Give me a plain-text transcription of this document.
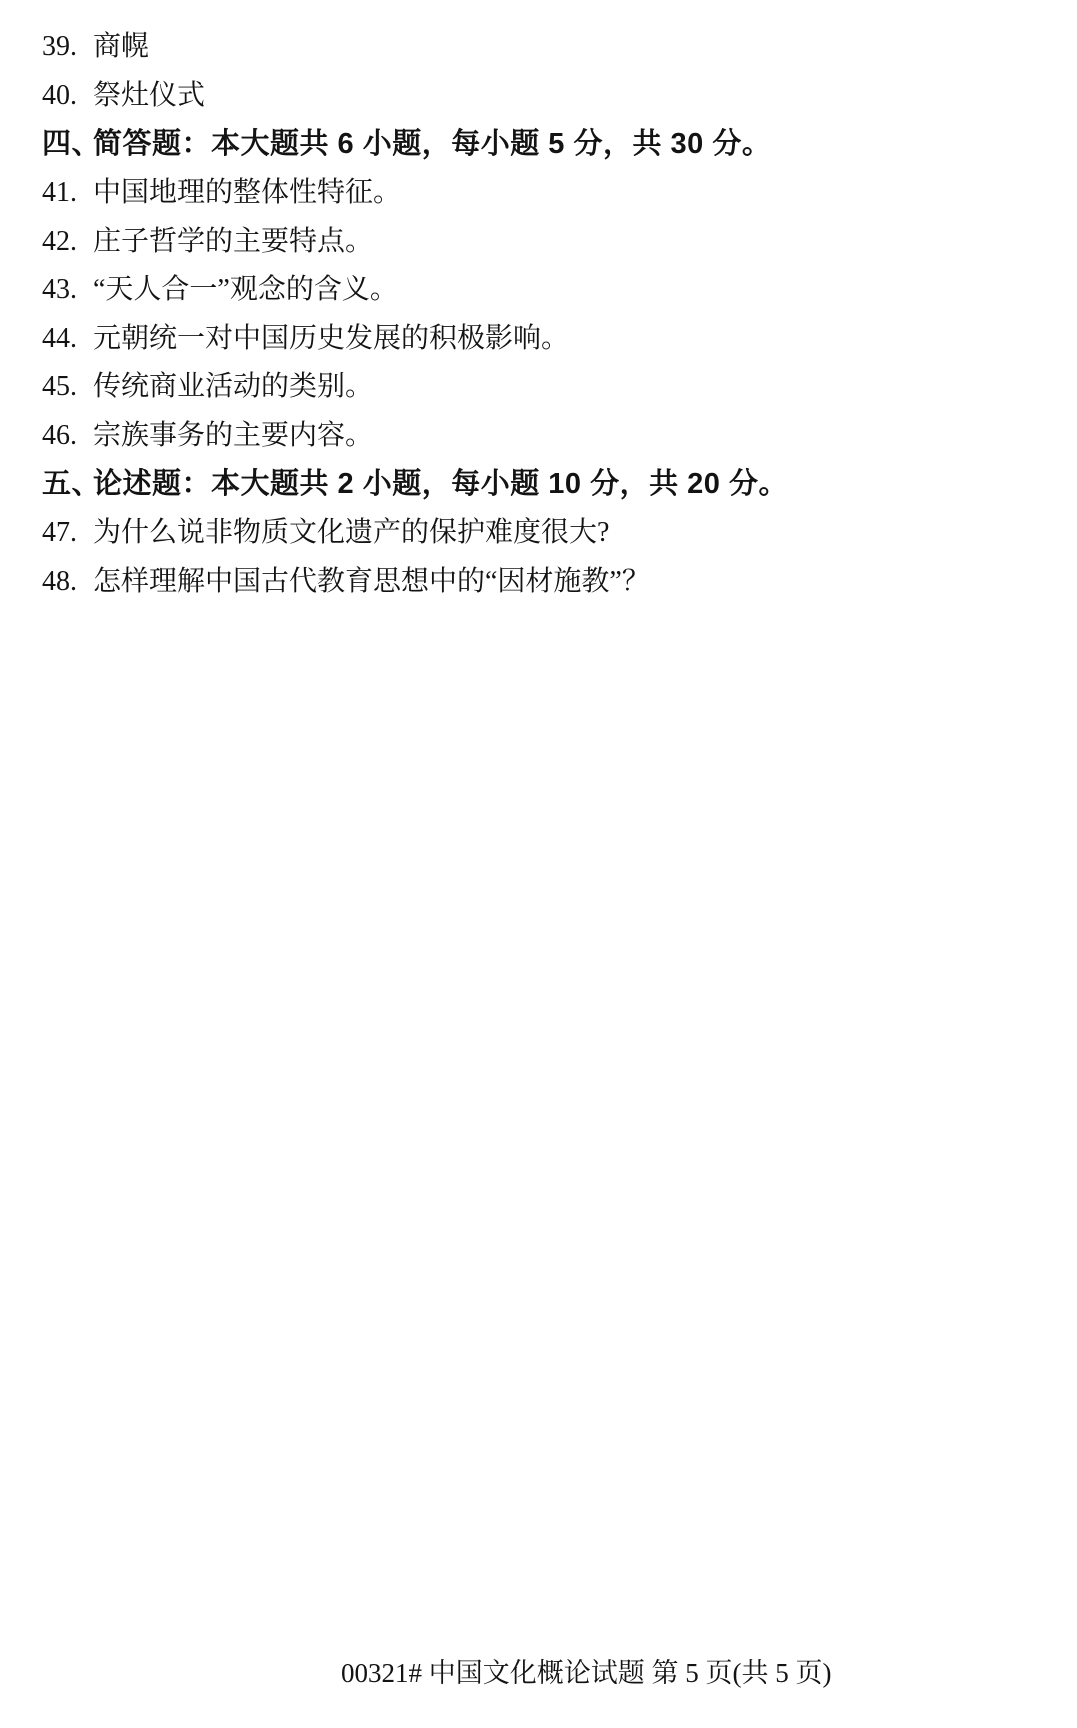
39. 商幌
40. 祭灶仪式
四、
简答题：本大题共 6 小题，每小题 5 分，共 30 分。
41. 中国地理的整体性特征。
42. 庄子哲学的主要特点。
43. “天人合一”观念的含义。
44. 元朝统一对中国历史发展的积极影响。
45. 传统商业活动的类别。
46. 宗族事务的主要内容。
五、
论述题：本大题共 2 小题，每小题 10 分，共 20 分。
47. 为什么说非物质文化遗产的保护难度很大?
48. 怎样理解中国古代教育思想中的“因材施教”？
00321# 中国文化概论试题 第 5 页(共 5 页)
